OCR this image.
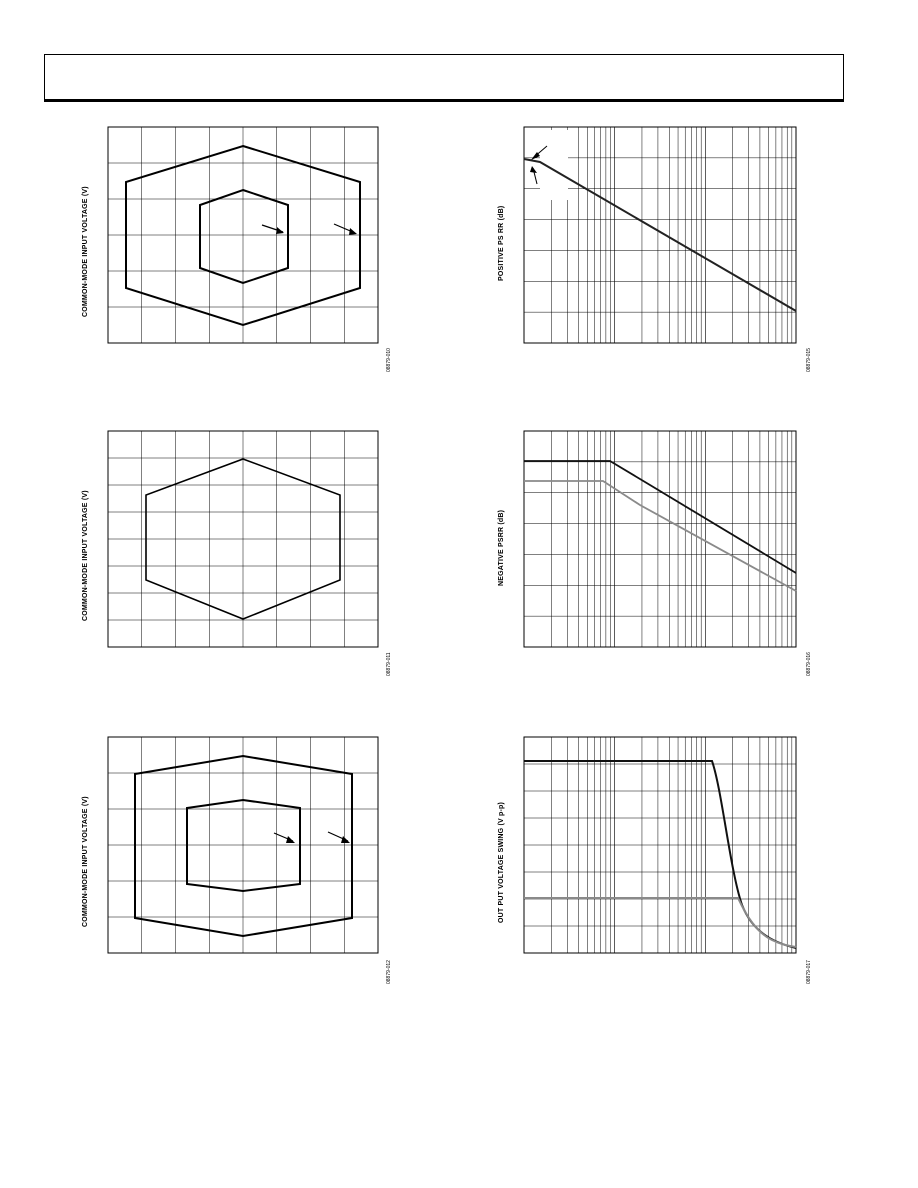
COMMON-MODE INPUT VOLTAGE (V)
08879-010
POSITIVE PS RR (dB)
08879-015
COMMON-MODE INPUT VOLTAGE (V)
08879-011
NEGATIVE PSRR (dB)
08879-016
COMMON-MODE INPUT VOLTAGE (V)
08879-012
OUT PUT VOLTAGE SWING (V p-p)
08879-017
